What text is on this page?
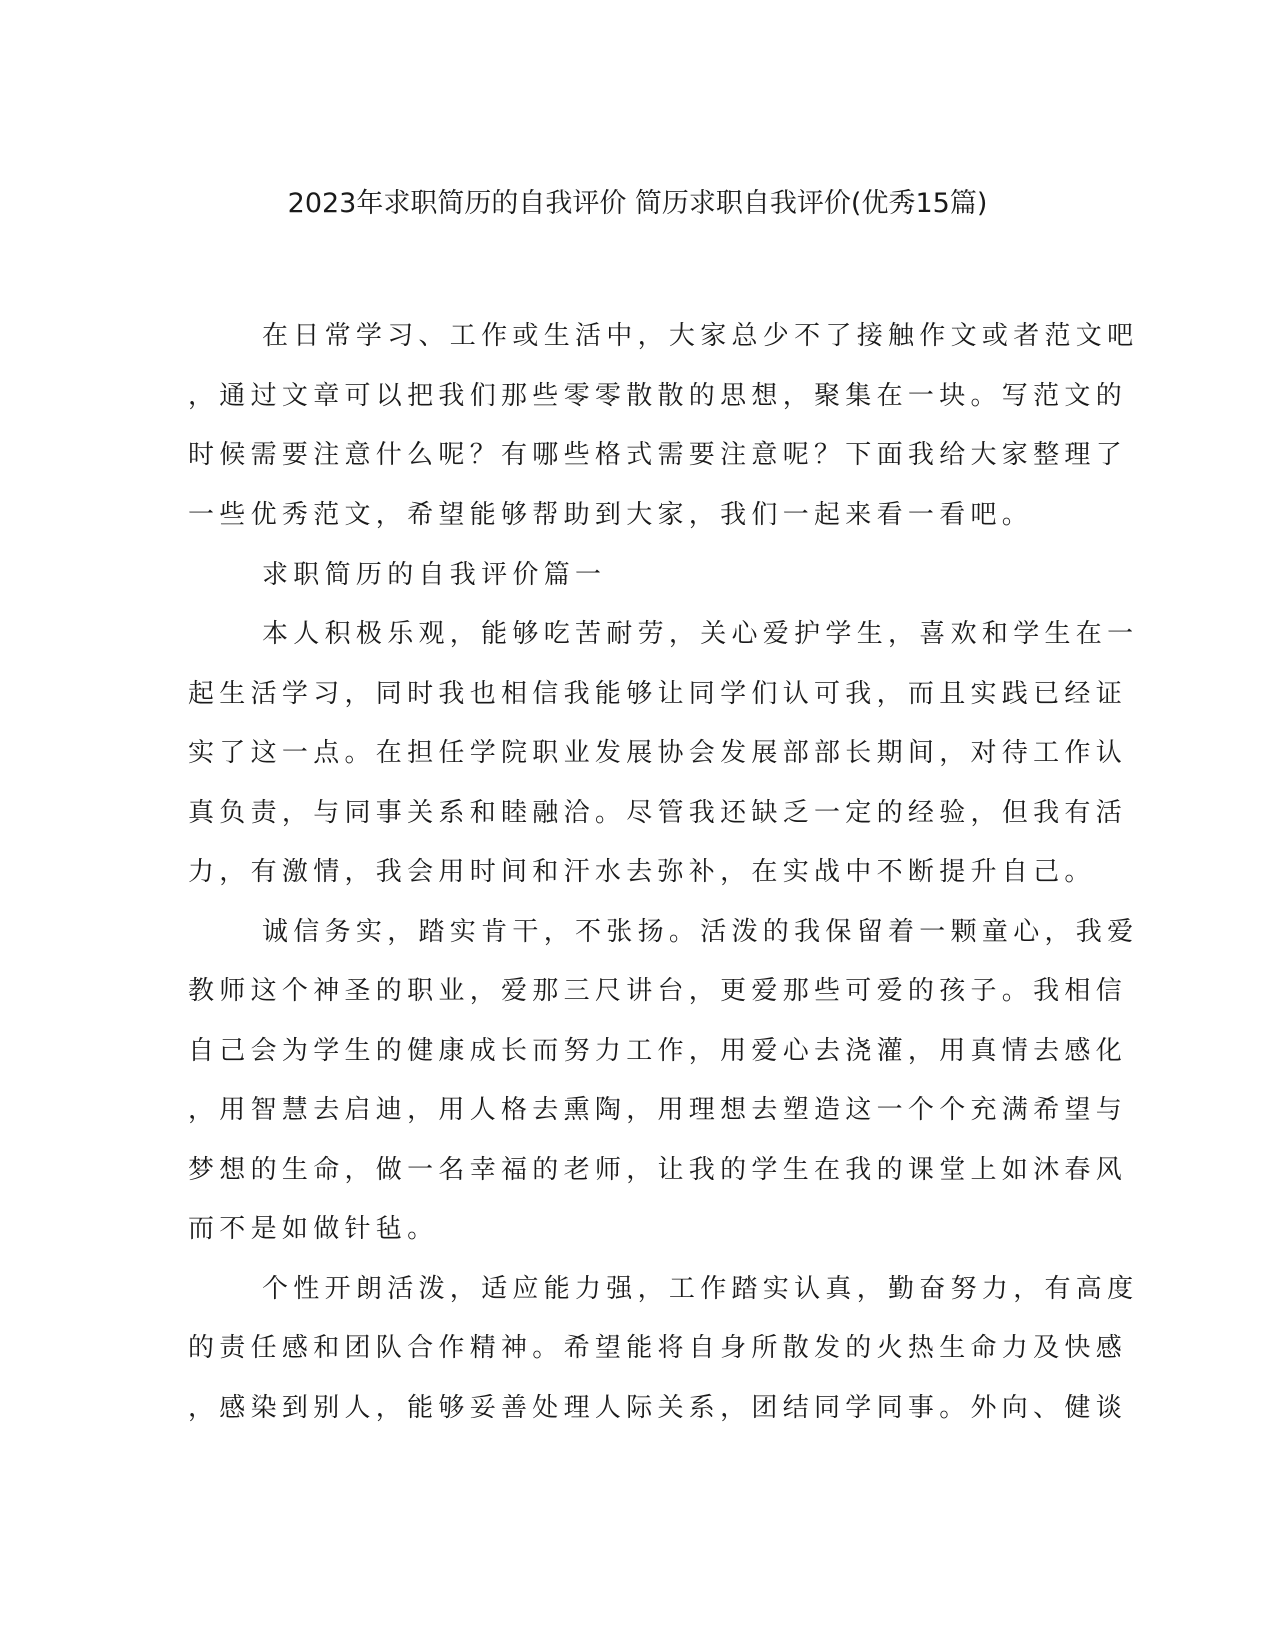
2023年求职简历的自我评价 简历求职自我评价(优秀15篇)
在日常学习、工作或生活中，大家总少不了接触作文或者范文吧
，通过文章可以把我们那些零零散散的思想，聚集在一块。写范文的
时候需要注意什么呢？有哪些格式需要注意呢？下面我给大家整理了
一些优秀范文，希望能够帮助到大家，我们一起来看一看吧。
求职简历的自我评价篇一
本人积极乐观，能够吃苦耐劳，关心爱护学生，喜欢和学生在一
起生活学习，同时我也相信我能够让同学们认可我，而且实践已经证
实了这一点。在担任学院职业发展协会发展部部长期间，对待工作认
真负责，与同事关系和睦融洽。尽管我还缺乏一定的经验，但我有活
力，有激情，我会用时间和汗水去弥补，在实战中不断提升自己。
诚信务实，踏实肯干，不张扬。活泼的我保留着一颗童心，我爱
教师这个神圣的职业，爱那三尺讲台，更爱那些可爱的孩子。我相信
自己会为学生的健康成长而努力工作，用爱心去浇灌，用真情去感化
，用智慧去启迪，用人格去熏陶，用理想去塑造这一个个充满希望与
梦想的生命，做一名幸福的老师，让我的学生在我的课堂上如沐春风
而不是如做针毡。
个性开朗活泼，适应能力强，工作踏实认真，勤奋努力，有高度
的责任感和团队合作精神。希望能将自身所散发的火热生命力及快感
，感染到别人，能够妥善处理人际关系，团结同学同事。外向、健谈
